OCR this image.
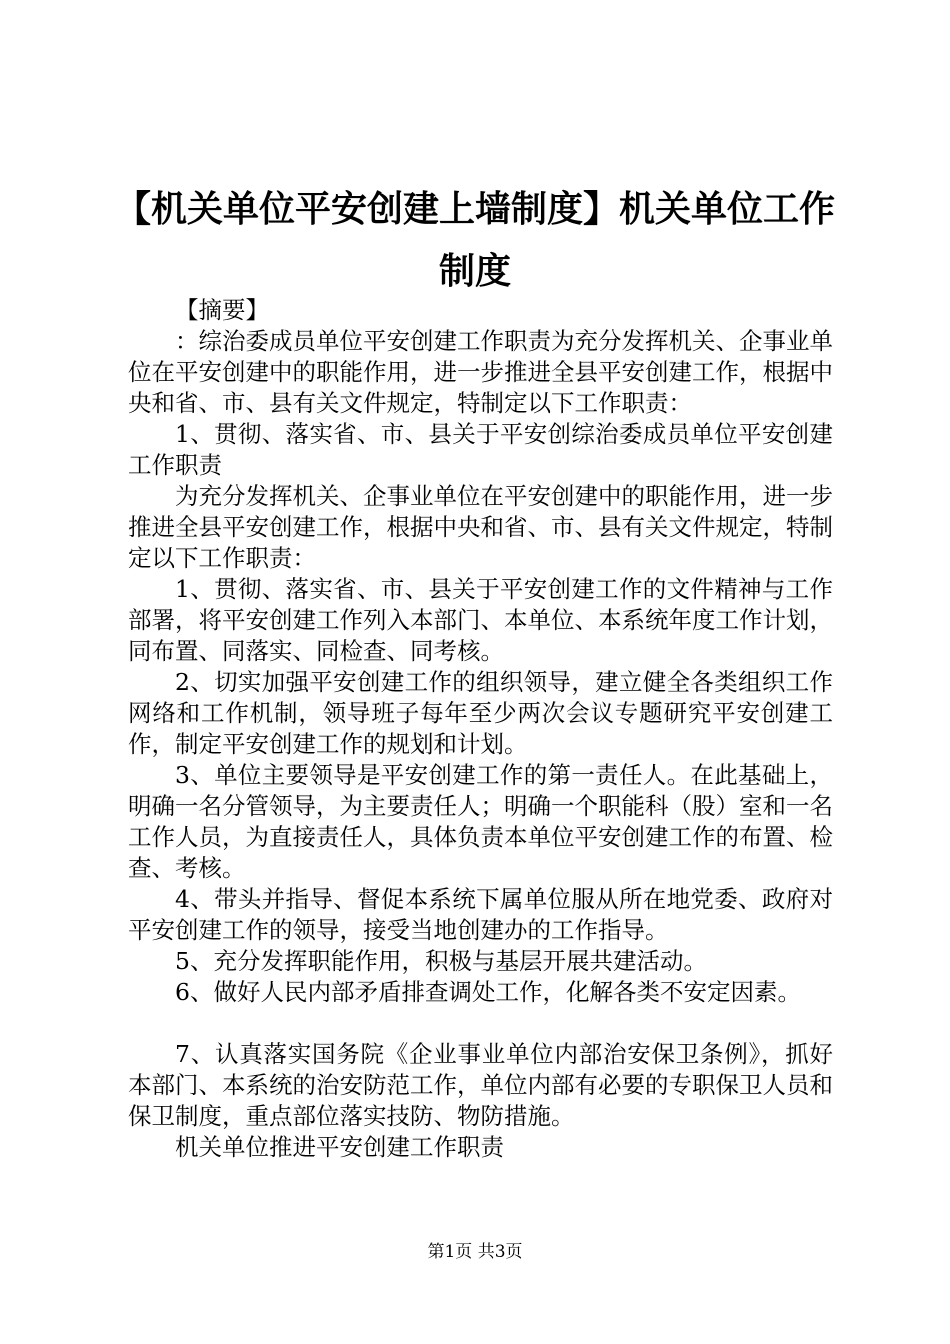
【机关单位平安创建上墙制度】机关单位工作
制度

【摘要】

：综治委成员单位平安创建工作职责为充分发挥机关、企事业单位在平安创建中的职能作用，进一步推进全县平安创建工作，根据中央和省、市、县有关文件规定，特制定以下工作职责：

1、贯彻、落实省、市、县关于平安创综治委成员单位平安创建工作职责

为充分发挥机关、企事业单位在平安创建中的职能作用，进一步推进全县平安创建工作，根据中央和省、市、县有关文件规定，特制定以下工作职责：

1、贯彻、落实省、市、县关于平安创建工作的文件精神与工作部署，将平安创建工作列入本部门、本单位、本系统年度工作计划，同布置、同落实、同检查、同考核。

2、切实加强平安创建工作的组织领导，建立健全各类组织工作网络和工作机制，领导班子每年至少两次会议专题研究平安创建工作，制定平安创建工作的规划和计划。

3、单位主要领导是平安创建工作的第一责任人。在此基础上，明确一名分管领导，为主要责任人；明确一个职能科（股）室和一名工作人员，为直接责任人，具体负责本单位平安创建工作的布置、检查、考核。

4、带头并指导、督促本系统下属单位服从所在地党委、政府对平安创建工作的领导，接受当地创建办的工作指导。

5、充分发挥职能作用，积极与基层开展共建活动。

6、做好人民内部矛盾排查调处工作，化解各类不安定因素。

7、认真落实国务院《企业事业单位内部治安保卫条例》，抓好本部门、本系统的治安防范工作，单位内部有必要的专职保卫人员和保卫制度，重点部位落实技防、物防措施。

机关单位推进平安创建工作职责

第1页 共3页
